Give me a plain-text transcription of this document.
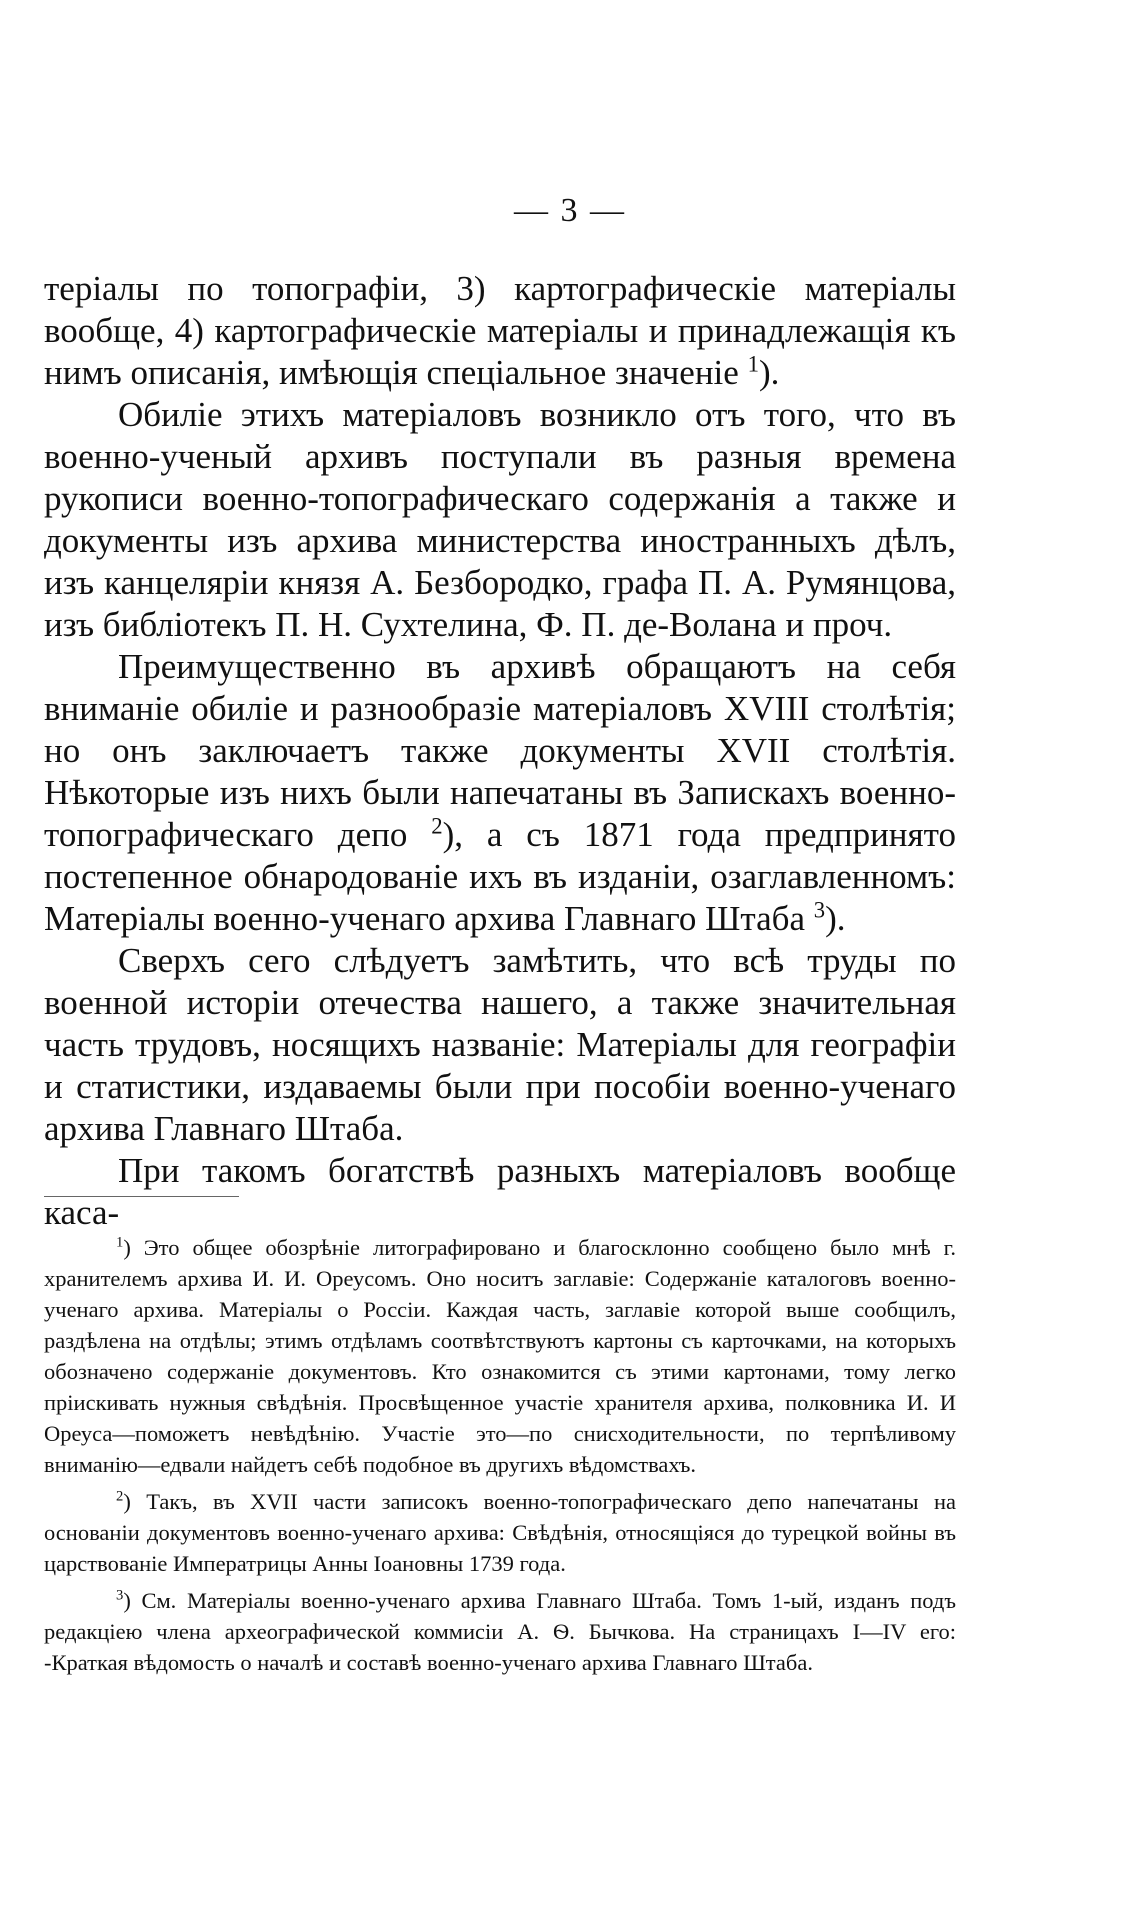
— 3 —

теріалы по топографіи, 3) картографическіе матеріалы вообще, 4) картографическіе матеріалы и принадлежащія къ нимъ описанія, имѣющія спеціальное значеніе $^1$).

Обиліе этихъ матеріаловъ возникло отъ того, что въ военно-ученый архивъ поступали въ разныя времена рукописи военно-топографическаго содержанія а также и документы изъ архива министерства иностранныхъ дѣлъ, изъ канцеляріи князя А. Безбородко, графа П. А. Румянцова, изъ библіотекъ П. Н. Сухтелина, Ф. П. де-Волана и проч.

Преимущественно въ архивѣ обращаютъ на себя вниманіе обиліе и разнообразіе матеріаловъ XVIII столѣтія; но онъ заключаетъ также документы XVII столѣтія. Нѣкоторые изъ нихъ были напечатаны въ Запискахъ военно-топографическаго депо $^2$), а съ 1871 года предпринято постепенное обнародованіе ихъ въ изданіи, озаглавленномъ: Матеріалы военно-ученаго архива Главнаго Штаба $^3$).

Сверхъ сего слѣдуетъ замѣтить, что всѣ труды по военной исторіи отечества нашего, а также значительная часть трудовъ, носящихъ названіе: Матеріалы для географіи и статистики, издаваемы были при пособіи военно-ученаго архива Главнаго Штаба.

При такомъ богатствѣ разныхъ матеріаловъ вообще каса-

$^1$) Это общее обозрѣніе литографировано и благосклонно сообщено было мнѣ г. хранителемъ архива И. И. Ореусомъ. Оно носитъ заглавіе: Содержаніе каталоговъ военно-ученаго архива. Матеріалы о Россіи. Каждая часть, заглавіе которой выше сообщилъ, раздѣлена на отдѣлы; этимъ отдѣламъ соотвѣтствуютъ картоны съ карточками, на которыхъ обозначено содержаніе документовъ. Кто ознакомится съ этими картонами, тому легко пріискивать нужныя свѣдѣнія. Просвѣщенное участіе хранителя архива, полковника И. И Ореуса—поможетъ невѣдѣнію. Участіе это—по снисходительности, по терпѣливому вниманію—едвали найдетъ себѣ подобное въ другихъ вѣдомствахъ.

$^2$) Такъ, въ XVII части записокъ военно-топографическаго депо напечатаны на основаніи документовъ военно-ученаго архива: Свѣдѣнія, относящіяся до турецкой войны въ царствованіе Императрицы Анны Іоановны 1739 года.

$^3$) См. Матеріалы военно-ученаго архива Главнаго Штаба. Томъ 1-ый, изданъ подъ редакціею члена археографической коммисіи А. Ѳ. Бычкова. На страницахъ I—IV его: -Краткая вѣдомость о началѣ и составѣ военно-ученаго архива Главнаго Штаба.
